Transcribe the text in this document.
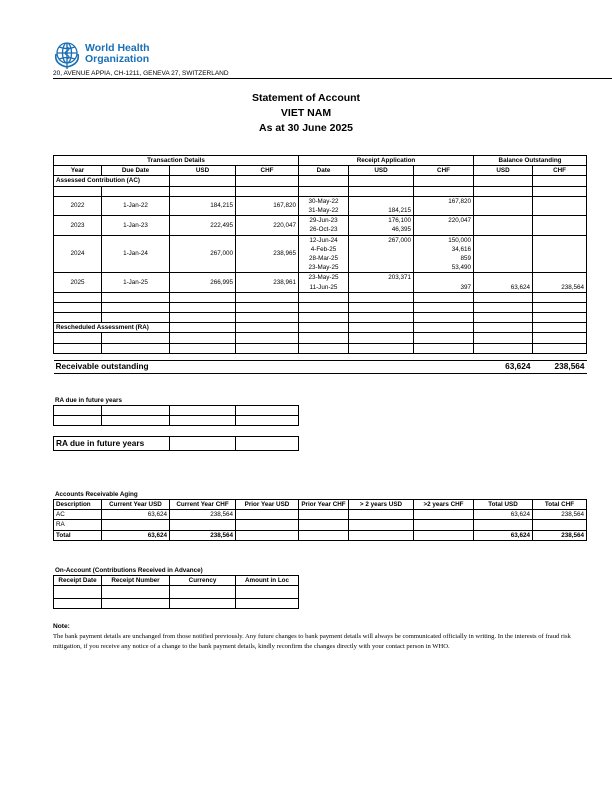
World Health
Organization
20, AVENUE APPIA, CH-1211, GENEVA 27, SWITZERLAND
Statement of Account
VIET NAM
As at 30 June 2025
Transaction Details				Receipt Application			Balance Outstanding	
Year	Due Date	USD	CHF	Date	USD	CHF	USD	CHF
Assessed Contribution (AC)								

2022	1-Jan-22	184,215	167,820	30-May-22		167,820		
				31-May-22	184,215			
2023	1-Jan-23	222,495	220,047	29-Jun-23	176,100	220,047		
				26-Oct-23	46,395			
2024	1-Jan-24	267,000	238,965	12-Jun-24	267,000	150,000		
				4-Feb-25		34,616		
				28-Mar-25		859		
				23-May-25		53,490		
2025	1-Jan-25	266,995	238,961	23-May-25	203,371		63,624	238,564
				11-Jun-25		397		

Rescheduled Assessment (RA)								

Receivable outstanding							63,624	238,564
RA due in future years

RA due in future years		
Accounts Receivable Aging
Description	Current Year USD	Current Year CHF	Prior Year USD	Prior Year CHF	> 2 years USD	>2 years CHF	Total USD	Total CHF
AC	63,624	238,564					63,624	238,564
RA								
Total	63,624	238,564					63,624	238,564
On-Account (Contributions Received in Advance)
Receipt Date	Receipt Number	Currency	Amount in Loc

Note:
The bank payment details are unchanged from those notified previously. Any future changes to bank payment details will always be communicated officially in writing. In the interests of fraud risk mitigation, if you receive any notice of a change to the bank payment details, kindly reconfirm the changes directly with your contact person in WHO.
